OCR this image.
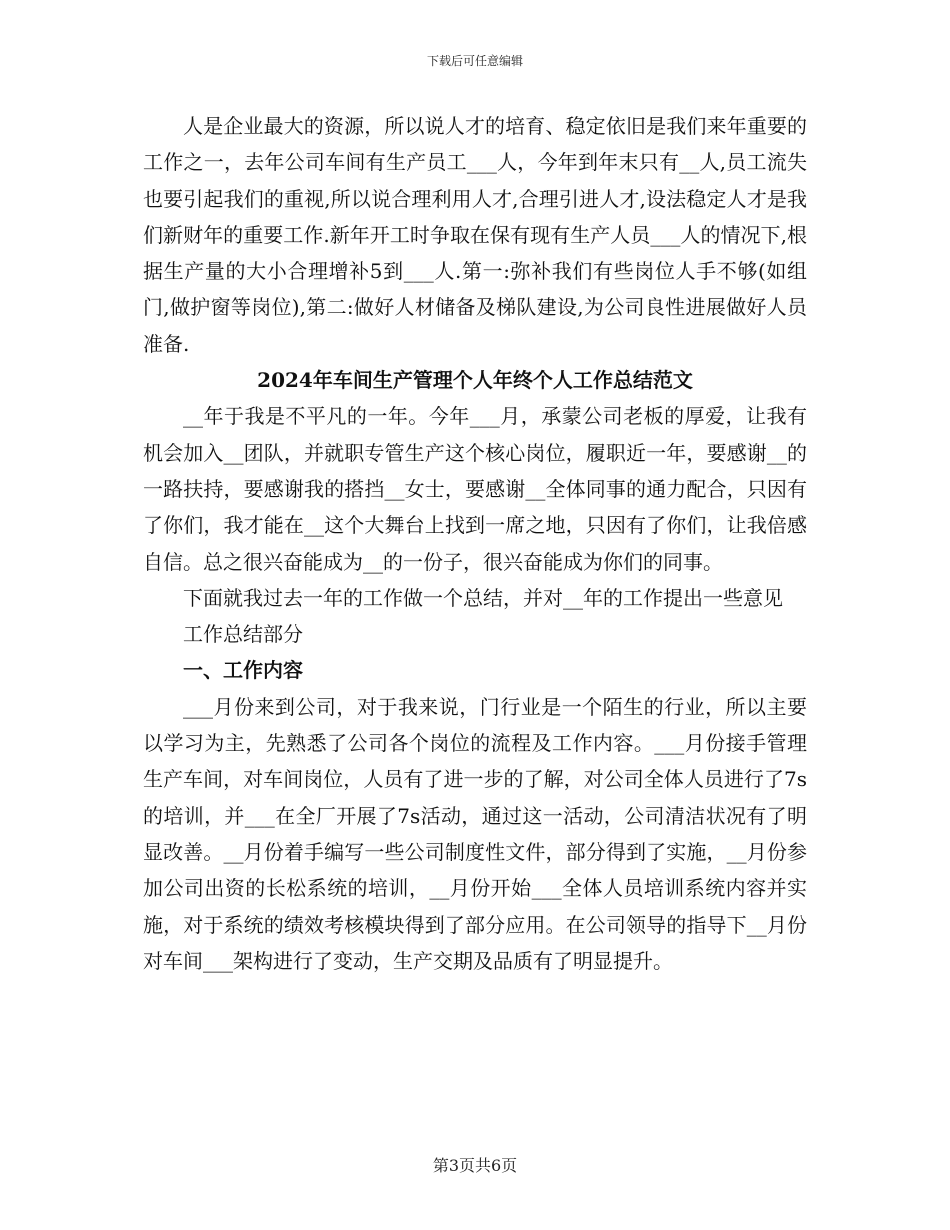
下载后可任意编辑

人是企业最大的资源，所以说人才的培育、稳定依旧是我们来年重要的工作之一，去年公司车间有生产员工___人，今年到年末只有__人,员工流失也要引起我们的重视,所以说合理利用人才,合理引进人才,设法稳定人才是我们新财年的重要工作.新年开工时争取在保有现有生产人员___人的情况下,根据生产量的大小合理增补5到___人.第一:弥补我们有些岗位人手不够(如组门,做护窗等岗位),第二:做好人材储备及梯队建设,为公司良性进展做好人员准备.

2024年车间生产管理个人年终个人工作总结范文

__年于我是不平凡的一年。今年___月，承蒙公司老板的厚爱，让我有机会加入__团队，并就职专管生产这个核心岗位，履职近一年，要感谢__的一路扶持，要感谢我的搭挡__女士，要感谢__全体同事的通力配合，只因有了你们，我才能在__这个大舞台上找到一席之地，只因有了你们，让我倍感自信。总之很兴奋能成为__的一份子，很兴奋能成为你们的同事。

下面就我过去一年的工作做一个总结，并对__年的工作提出一些意见

工作总结部分

一、工作内容

___月份来到公司，对于我来说，门行业是一个陌生的行业，所以主要以学习为主，先熟悉了公司各个岗位的流程及工作内容。___月份接手管理生产车间，对车间岗位，人员有了进一步的了解，对公司全体人员进行了7s的培训，并___在全厂开展了7s活动，通过这一活动，公司清洁状况有了明显改善。__月份着手编写一些公司制度性文件，部分得到了实施，__月份参加公司出资的长松系统的培训，__月份开始___全体人员培训系统内容并实施，对于系统的绩效考核模块得到了部分应用。在公司领导的指导下__月份对车间___架构进行了变动，生产交期及品质有了明显提升。

第3页共6页
